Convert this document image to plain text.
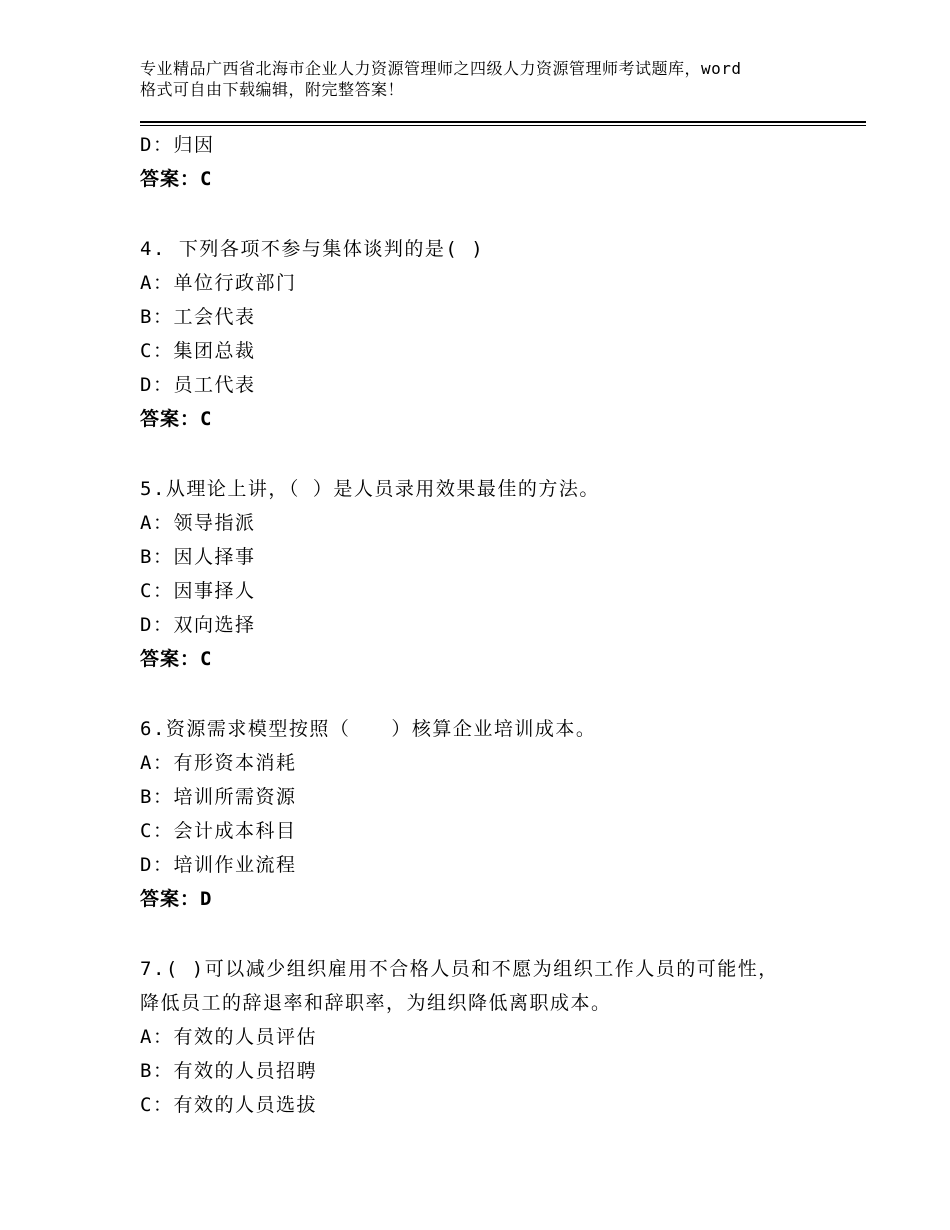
专业精品广西省北海市企业人力资源管理师之四级人力资源管理师考试题库，word
格式可自由下载编辑，附完整答案！
D：归因
答案：C
4. 下列各项不参与集体谈判的是( )
A：单位行政部门
B：工会代表
C：集团总裁
D：员工代表
答案：C
5.从理论上讲，（ ）是人员录用效果最佳的方法。
A：领导指派
B：因人择事
C：因事择人
D：双向选择
答案：C
6.资源需求模型按照（　　）核算企业培训成本。
A：有形资本消耗
B：培训所需资源
C：会计成本科目
D：培训作业流程
答案：D
7.( )可以减少组织雇用不合格人员和不愿为组织工作人员的可能性，
降低员工的辞退率和辞职率，为组织降低离职成本。
A：有效的人员评估
B：有效的人员招聘
C：有效的人员选拔
